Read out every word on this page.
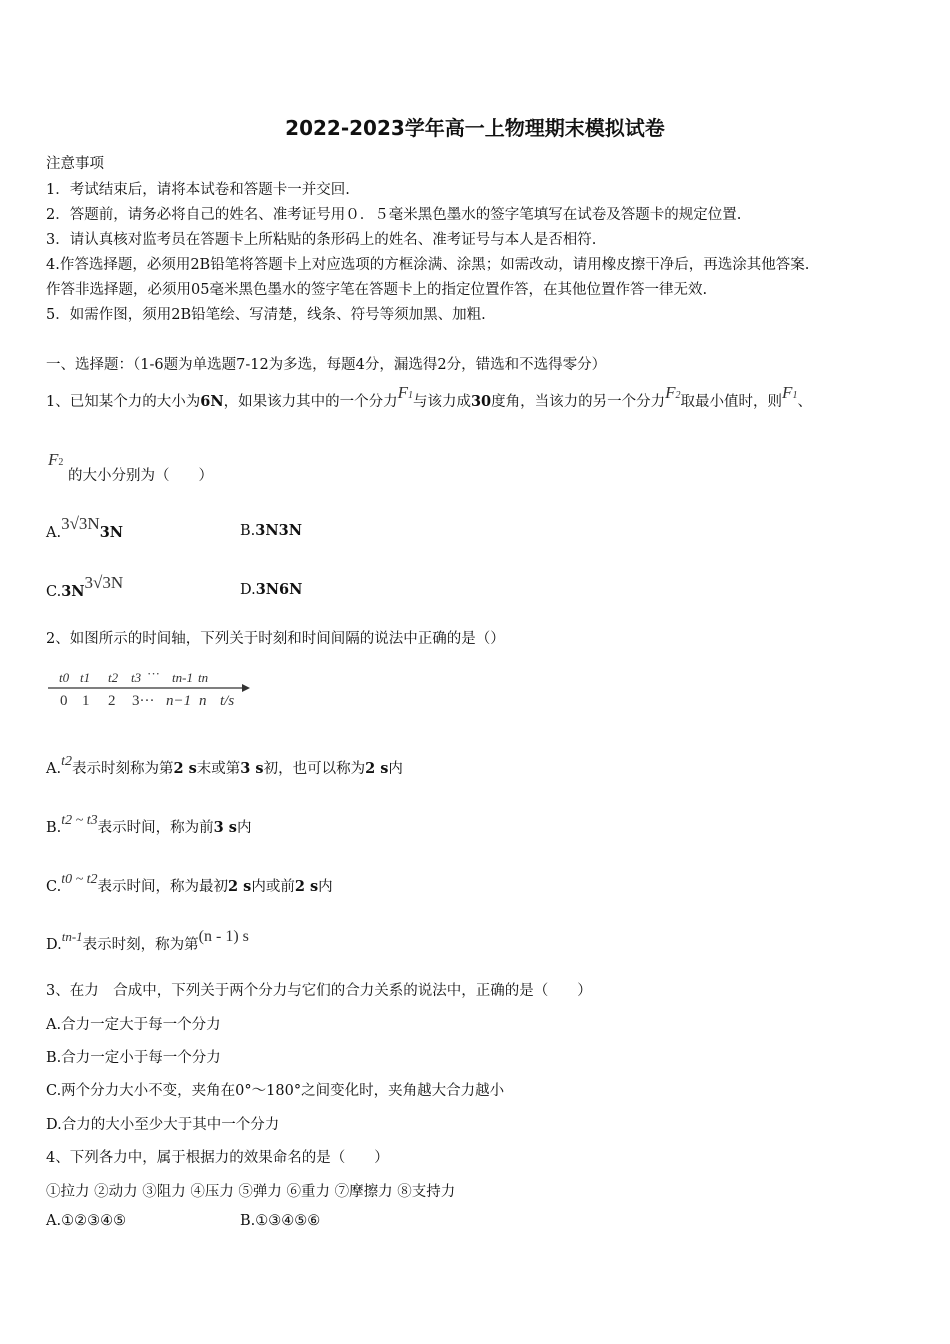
2022-2023学年高一上物理期末模拟试卷
注意事项
1．考试结束后，请将本试卷和答题卡一并交回.
2．答题前，请务必将自己的姓名、准考证号用０．５毫米黑色墨水的签字笔填写在试卷及答题卡的规定位置.
3．请认真核对监考员在答题卡上所粘贴的条形码上的姓名、准考证号与本人是否相符.
4.作答选择题，必须用2B铅笔将答题卡上对应选项的方框涂满、涂黑；如需改动，请用橡皮擦干净后，再选涂其他答案.
作答非选择题，必须用05毫米黑色墨水的签字笔在答题卡上的指定位置作答，在其他位置作答一律无效.
5．如需作图，须用2B铅笔绘、写清楚，线条、符号等须加黑、加粗.
一、选择题：（1-6题为单选题7-12为多选，每题4分，漏选得2分，错选和不选得零分）
1、已知某个力的大小为6N，如果该力其中的一个分力F1与该力成30度角，当该力的另一个分力F2取最小值时，则F1、
F2
的大小分别为（　　）
A.3√3N3N	B.3N3N
C.3N3√3N	D.3N6N
2、如图所示的时间轴，下列关于时刻和时间间隔的说法中正确的是（）
t0 t1 t2 t3 ··· tn-1 tn
0 1 2 3··· n−1 n t/s
A.t2表示时刻称为第2 s末或第3 s初，也可以称为2 s内
B.t2 ~ t3表示时间，称为前3 s内
C.t0 ~ t2表示时间，称为最初2 s内或前2 s内
D.tn-1表示时刻，称为第(n - 1) s
3、在力　合成中，下列关于两个分力与它们的合力关系的说法中，正确的是（　　）
A.合力一定大于每一个分力
B.合力一定小于每一个分力
C.两个分力大小不变，夹角在0°～180°之间变化时，夹角越大合力越小
D.合力的大小至少大于其中一个分力
4、下列各力中，属于根据力的效果命名的是（　　）
①拉力 ②动力 ③阻力 ④压力 ⑤弹力 ⑥重力 ⑦摩擦力 ⑧支持力
A.①②③④⑤	B.①③④⑤⑥
